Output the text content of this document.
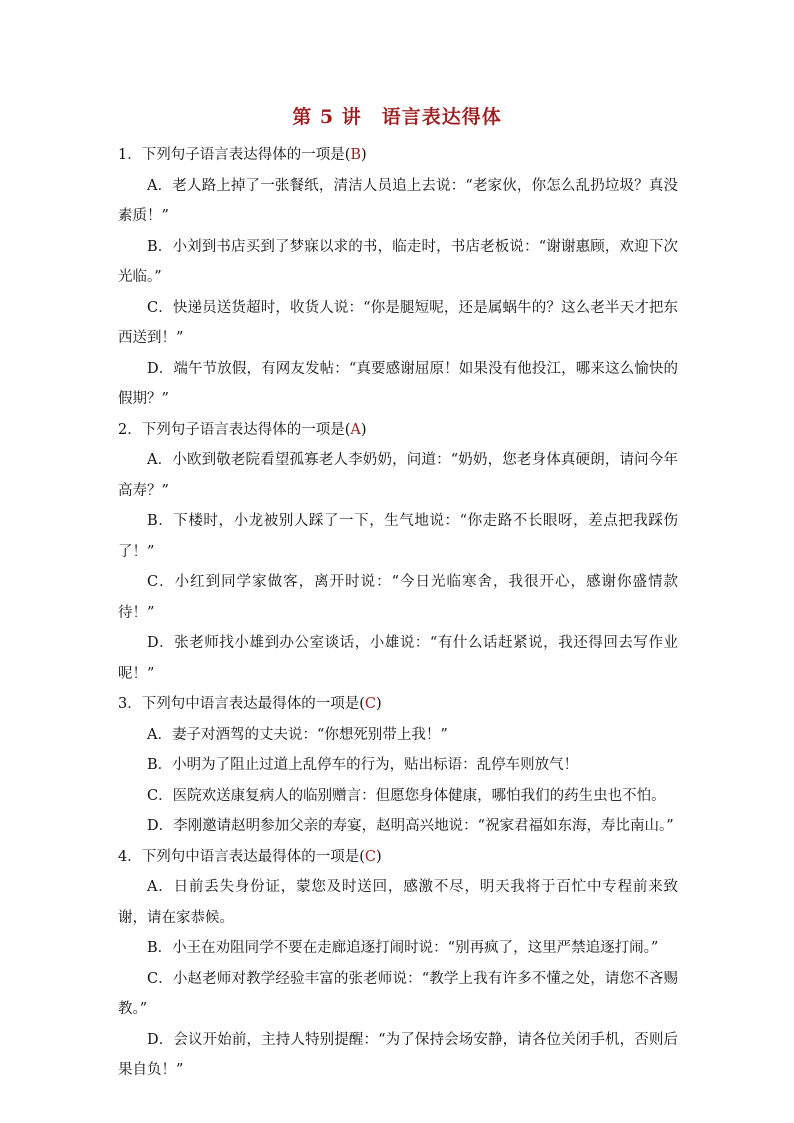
第 5 讲　语言表达得体
1．下列句子语言表达得体的一项是(B)
A．老人路上掉了一张餐纸，清洁人员追上去说：“老家伙，你怎么乱扔垃圾？真没素质！”
B．小刘到书店买到了梦寐以求的书，临走时，书店老板说：“谢谢惠顾，欢迎下次光临。”
C．快递员送货超时，收货人说：“你是腿短呢，还是属蜗牛的？这么老半天才把东西送到！”
D．端午节放假，有网友发帖：“真要感谢屈原！如果没有他投江，哪来这么愉快的假期？”
2．下列句子语言表达得体的一项是(A)
A．小欧到敬老院看望孤寡老人李奶奶，问道：“奶奶，您老身体真硬朗，请问今年高寿？”
B．下楼时，小龙被别人踩了一下，生气地说：“你走路不长眼呀，差点把我踩伤了！”
C．小红到同学家做客，离开时说：“今日光临寒舍，我很开心，感谢你盛情款待！”
D．张老师找小雄到办公室谈话，小雄说：“有什么话赶紧说，我还得回去写作业呢！”
3．下列句中语言表达最得体的一项是(C)
A．妻子对酒驾的丈夫说：“你想死别带上我！”
B．小明为了阻止过道上乱停车的行为，贴出标语：乱停车则放气！
C．医院欢送康复病人的临别赠言：但愿您身体健康，哪怕我们的药生虫也不怕。
D．李刚邀请赵明参加父亲的寿宴，赵明高兴地说：“祝家君福如东海，寿比南山。”
4．下列句中语言表达最得体的一项是(C)
A．日前丢失身份证，蒙您及时送回，感激不尽，明天我将于百忙中专程前来致谢，请在家恭候。
B．小王在劝阻同学不要在走廊追逐打闹时说：“别再疯了，这里严禁追逐打闹。”
C．小赵老师对教学经验丰富的张老师说：“教学上我有许多不懂之处，请您不吝赐教。”
D．会议开始前，主持人特别提醒：“为了保持会场安静，请各位关闭手机，否则后果自负！”
